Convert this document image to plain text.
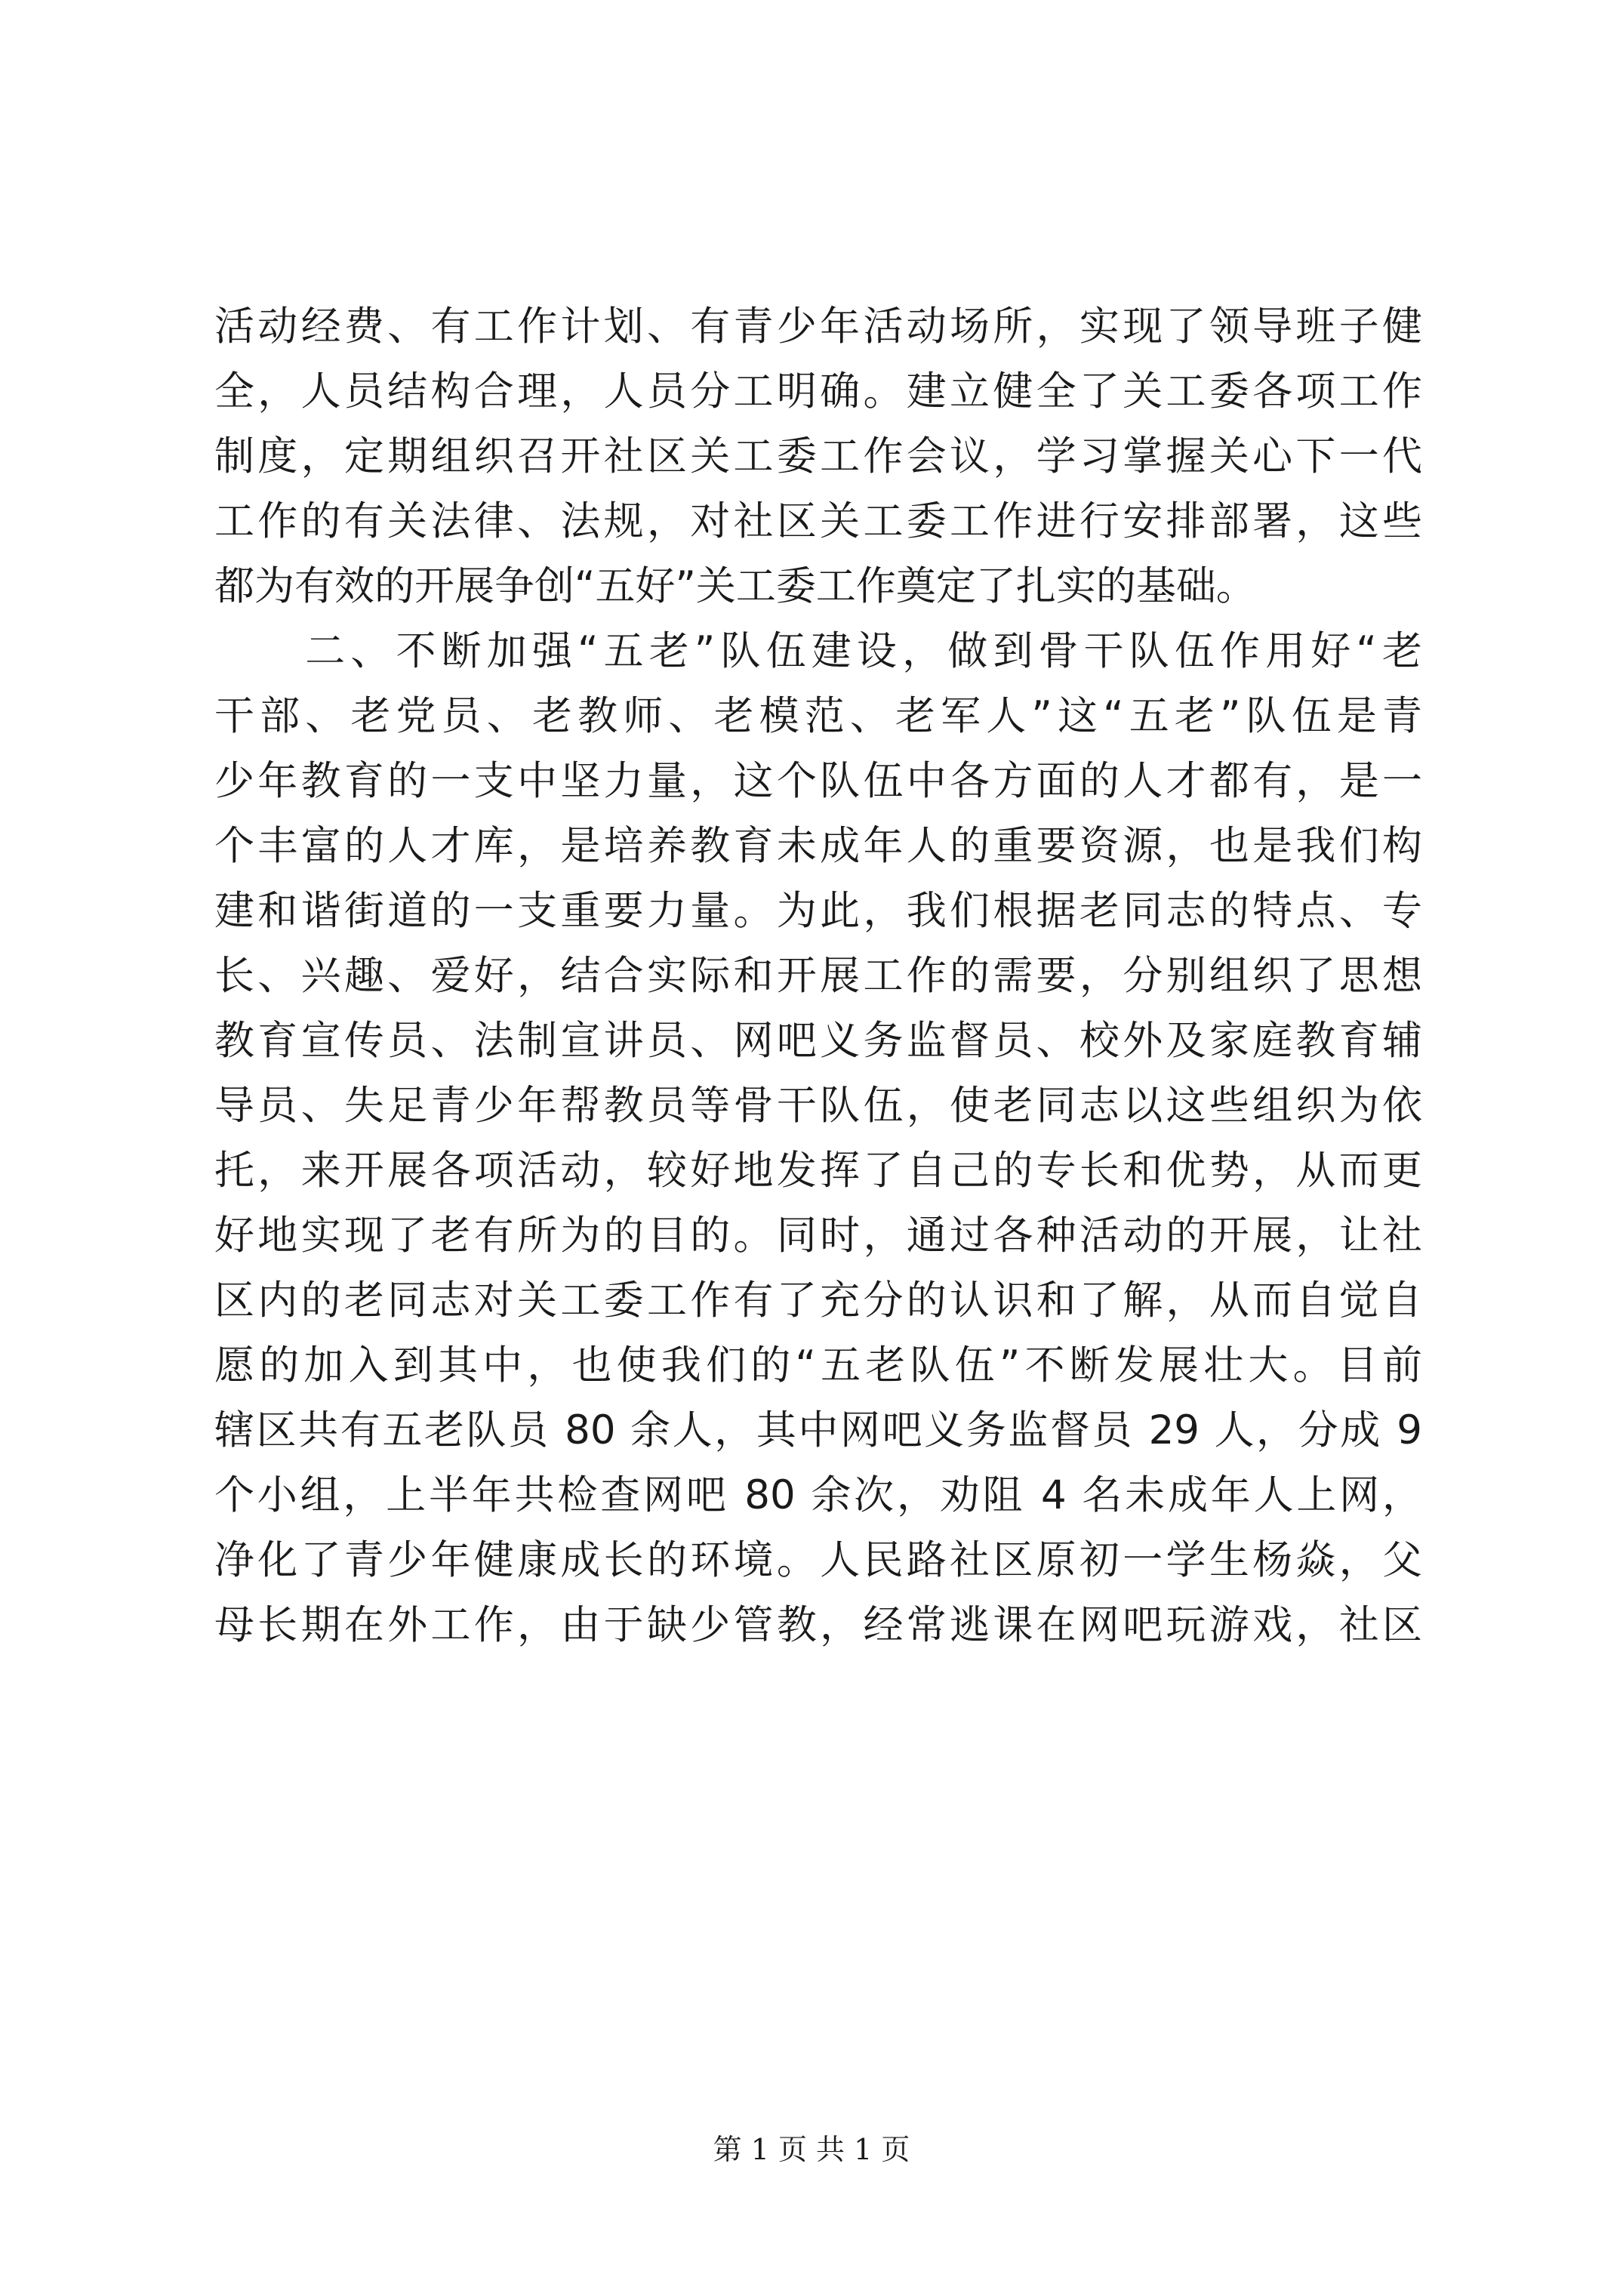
活动经费、有工作计划、有青少年活动场所，实现了领导班子健
全，人员结构合理，人员分工明确。建立健全了关工委各项工作
制度，定期组织召开社区关工委工作会议，学习掌握关心下一代
工作的有关法律、法规，对社区关工委工作进行安排部署，这些
都为有效的开展争创“五好”关工委工作奠定了扎实的基础。
　　二、不断加强“五老”队伍建设，做到骨干队伍作用好“老
干部、老党员、老教师、老模范、老军人”这“五老”队伍是青
少年教育的一支中坚力量，这个队伍中各方面的人才都有，是一
个丰富的人才库，是培养教育未成年人的重要资源，也是我们构
建和谐街道的一支重要力量。为此，我们根据老同志的特点、专
长、兴趣、爱好，结合实际和开展工作的需要，分别组织了思想
教育宣传员、法制宣讲员、网吧义务监督员、校外及家庭教育辅
导员、失足青少年帮教员等骨干队伍，使老同志以这些组织为依
托，来开展各项活动，较好地发挥了自己的专长和优势，从而更
好地实现了老有所为的目的。同时，通过各种活动的开展，让社
区内的老同志对关工委工作有了充分的认识和了解，从而自觉自
愿的加入到其中，也使我们的“五老队伍”不断发展壮大。目前
辖区共有五老队员 80 余人，其中网吧义务监督员 29 人，分成 9
个小组，上半年共检查网吧 80 余次，劝阻 4 名未成年人上网，
净化了青少年健康成长的环境。人民路社区原初一学生杨焱，父
母长期在外工作，由于缺少管教，经常逃课在网吧玩游戏，社区
第 1 页 共 1 页
